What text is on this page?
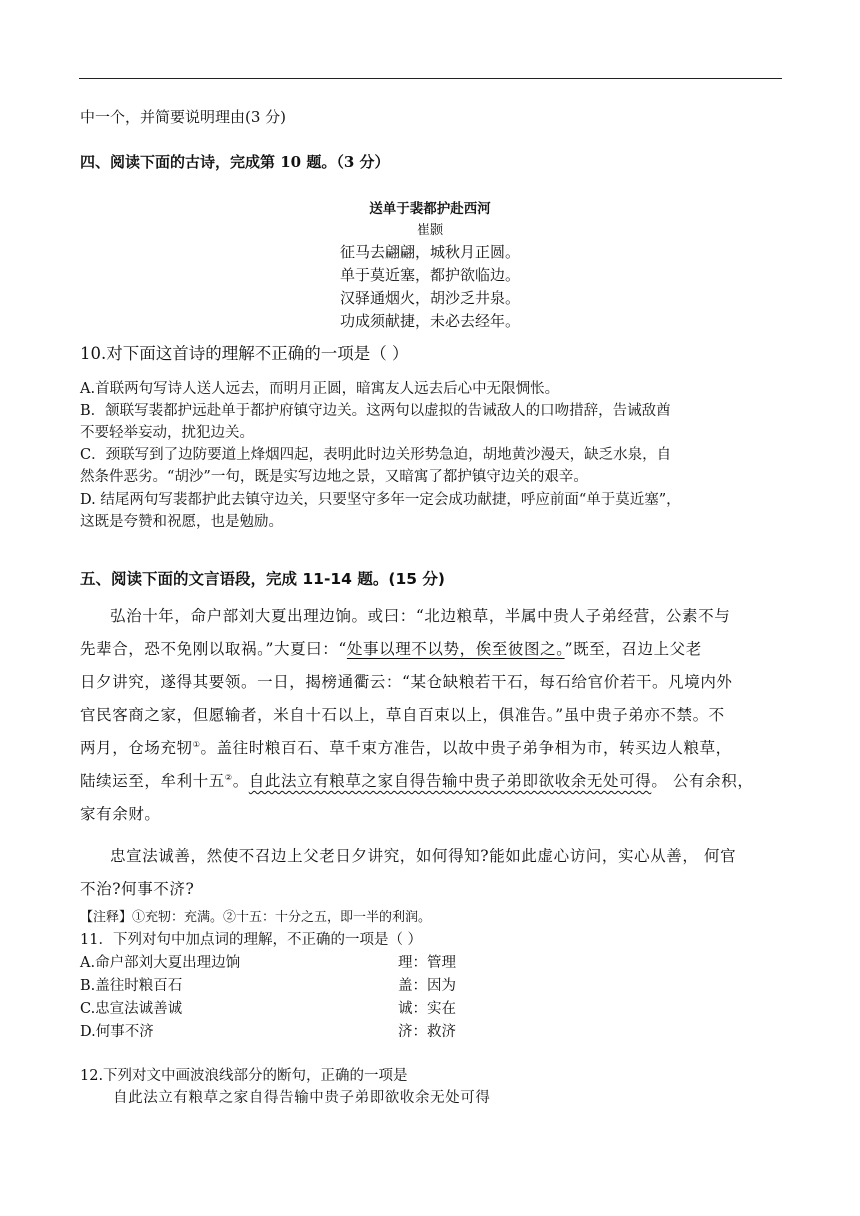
中一个，并简要说明理由(3 分)
四、阅读下面的古诗，完成第 10 题。（3 分）
送单于裴都护赴西河
崔颢
征马去翩翩，城秋月正圆。
单于莫近塞，都护欲临边。
汉驿通烟火，胡沙乏井泉。
功成须献捷，未必去经年。
10.对下面这首诗的理解不正确的一项是（ ）
A.首联两句写诗人送人远去，而明月正圆，暗寓友人远去后心中无限惆怅。
B．颔联写裴都护远赴单于都护府镇守边关。这两句以虚拟的告诫敌人的口吻措辞，告诫敌酋
不要轻举妄动，扰犯边关。
C．颈联写到了边防要道上烽烟四起，表明此时边关形势急迫，胡地黄沙漫天，缺乏水泉，自
然条件恶劣。“胡沙”一句，既是实写边地之景，又暗寓了都护镇守边关的艰辛。
D. 结尾两句写裴都护此去镇守边关，只要坚守多年一定会成功献捷，呼应前面“单于莫近塞”，
这既是夸赞和祝愿，也是勉励。
五、阅读下面的文言语段，完成 11-14 题。(15 分)
弘治十年，命户部刘大夏出理边饷。或曰：“北边粮草，半属中贵人子弟经营，公素不与
先辈合，恐不免刚以取祸。”大夏曰：“处事以理不以势，俟至彼图之。”既至，召边上父老
日夕讲究，遂得其要领。一日，揭榜通衢云：“某仓缺粮若干石，每石给官价若干。凡境内外
官民客商之家，但愿输者，米自十石以上，草自百束以上，俱准告。”虽中贵子弟亦不禁。不
两月，仓场充牣①。盖往时粮百石、草千束方准告，以故中贵子弟争相为市，转买边人粮草，
陆续运至，牟利十五②。自此法立有粮草之家自得告输中贵子弟即欲收余无处可得。 公有余积，
家有余财。
忠宣法诚善，然使不召边上父老日夕讲究，如何得知?能如此虚心访问，实心从善， 何官
不治?何事不济?
【注释】①充牣：充满。②十五：十分之五，即一半的利润。
11．下列对句中加点词的理解，不正确的一项是（ ）
A.命户部刘大夏出理边饷	理：管理
B.盖往时粮百石	盖：因为
C.忠宣法诚善诚	诚：实在
D.何事不济	济：救济
12.下列对文中画波浪线部分的断句，正确的一项是
自此法立有粮草之家自得告输中贵子弟即欲收余无处可得
